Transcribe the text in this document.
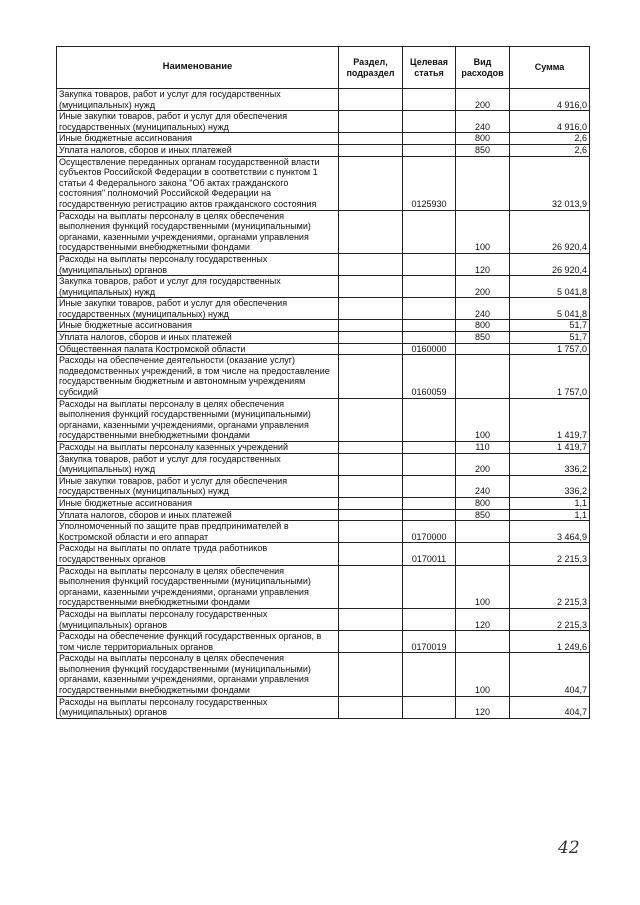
Наименование	Раздел, подраздел	Целевая статья	Вид расходов	Сумма
Закупка товаров, работ и услуг для государственных (муниципальных) нужд			200	4 916,0
Иные закупки товаров, работ и услуг для обеспечения государственных (муниципальных) нужд			240	4 916,0
Иные бюджетные ассигнования			800	2,6
Уплата налогов, сборов и иных платежей			850	2,6
Осуществление переданных органам государственной власти субъектов Российской Федерации в соответствии с пунктом 1 статьи 4 Федерального закона "Об актах гражданского состояния" полномочий Российской Федерации на государственную регистрацию актов гражданского состояния		0125930		32 013,9
Расходы на выплаты персоналу в целях обеспечения выполнения функций государственными (муниципальными) органами, казенными учреждениями, органами управления государственными внебюджетными фондами			100	26 920,4
Расходы на выплаты персоналу государственных (муниципальных) органов			120	26 920,4
Закупка товаров, работ и услуг для государственных (муниципальных) нужд			200	5 041,8
Иные закупки товаров, работ и услуг для обеспечения государственных (муниципальных) нужд			240	5 041,8
Иные бюджетные ассигнования			800	51,7
Уплата налогов, сборов и иных платежей			850	51,7
Общественная палата Костромской области		0160000		1 757,0
Расходы на обеспечение деятельности (оказание услуг) подведомственных учреждений, в том числе на предоставление государственным бюджетным и автономным учреждениям субсидий		0160059		1 757,0
Расходы на выплаты персоналу в целях обеспечения выполнения функций государственными (муниципальными) органами, казенными учреждениями, органами управления государственными внебюджетными фондами			100	1 419,7
Расходы на выплаты персоналу казенных учреждений			110	1 419,7
Закупка товаров, работ и услуг для государственных (муниципальных) нужд			200	336,2
Иные закупки товаров, работ и услуг для обеспечения государственных (муниципальных) нужд			240	336,2
Иные бюджетные ассигнования			800	1,1
Уплата налогов, сборов и иных платежей			850	1,1
Уполномоченный по защите прав предпринимателей в Костромской области и его аппарат		0170000		3 464,9
Расходы на выплаты по оплате труда работников государственных органов		0170011		2 215,3
Расходы на выплаты персоналу в целях обеспечения выполнения функций государственными (муниципальными) органами, казенными учреждениями, органами управления государственными внебюджетными фондами			100	2 215,3
Расходы на выплаты персоналу государственных (муниципальных) органов			120	2 215,3
Расходы на обеспечение функций государственных органов, в том числе территориальных органов		0170019		1 249,6
Расходы на выплаты персоналу в целях обеспечения выполнения функций государственными (муниципальными) органами, казенными учреждениями, органами управления государственными внебюджетными фондами			100	404,7
Расходы на выплаты персоналу государственных (муниципальных) органов			120	404,7
42
